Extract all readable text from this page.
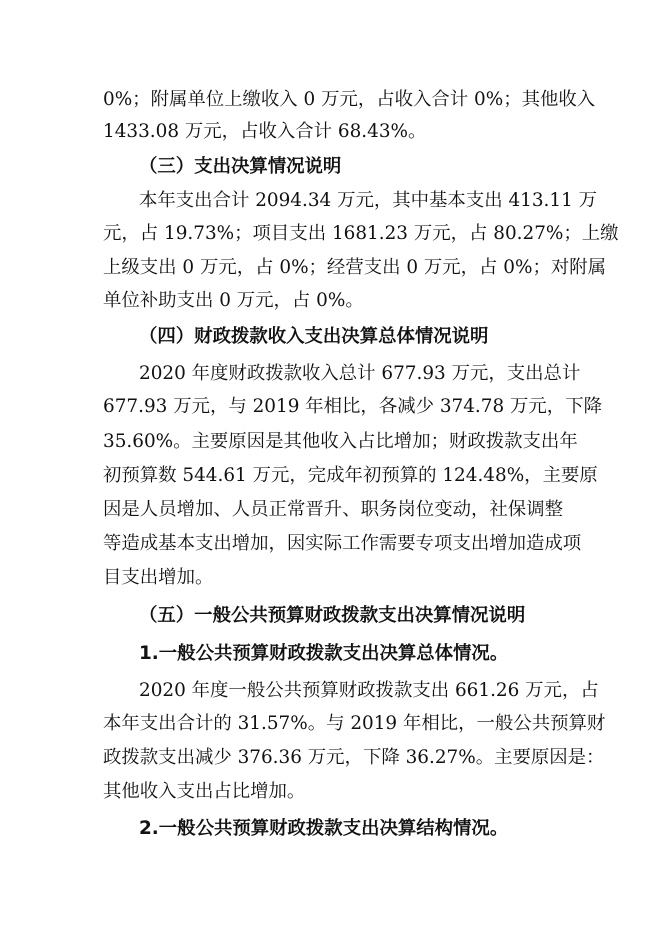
0%；附属单位上缴收入 0 万元，占收入合计 0%；其他收入
1433.08 万元，占收入合计 68.43%。
（三）支出决算情况说明
本年支出合计 2094.34 万元，其中基本支出 413.11 万
元，占 19.73%；项目支出 1681.23 万元，占 80.27%；上缴
上级支出 0 万元，占 0%；经营支出 0 万元，占 0%；对附属
单位补助支出 0 万元，占 0%。
（四）财政拨款收入支出决算总体情况说明
2020 年度财政拨款收入总计 677.93 万元，支出总计
677.93 万元，与 2019 年相比，各减少 374.78 万元，下降
35.60%。主要原因是其他收入占比增加；财政拨款支出年
初预算数 544.61 万元，完成年初预算的 124.48%，主要原
因是人员增加、人员正常晋升、职务岗位变动，社保调整
等造成基本支出增加，因实际工作需要专项支出增加造成项
目支出增加。
（五）一般公共预算财政拨款支出决算情况说明
1.一般公共预算财政拨款支出决算总体情况。
2020 年度一般公共预算财政拨款支出 661.26 万元，占
本年支出合计的 31.57%。与 2019 年相比，一般公共预算财
政拨款支出减少 376.36 万元，下降 36.27%。主要原因是：
其他收入支出占比增加。
2.一般公共预算财政拨款支出决算结构情况。
